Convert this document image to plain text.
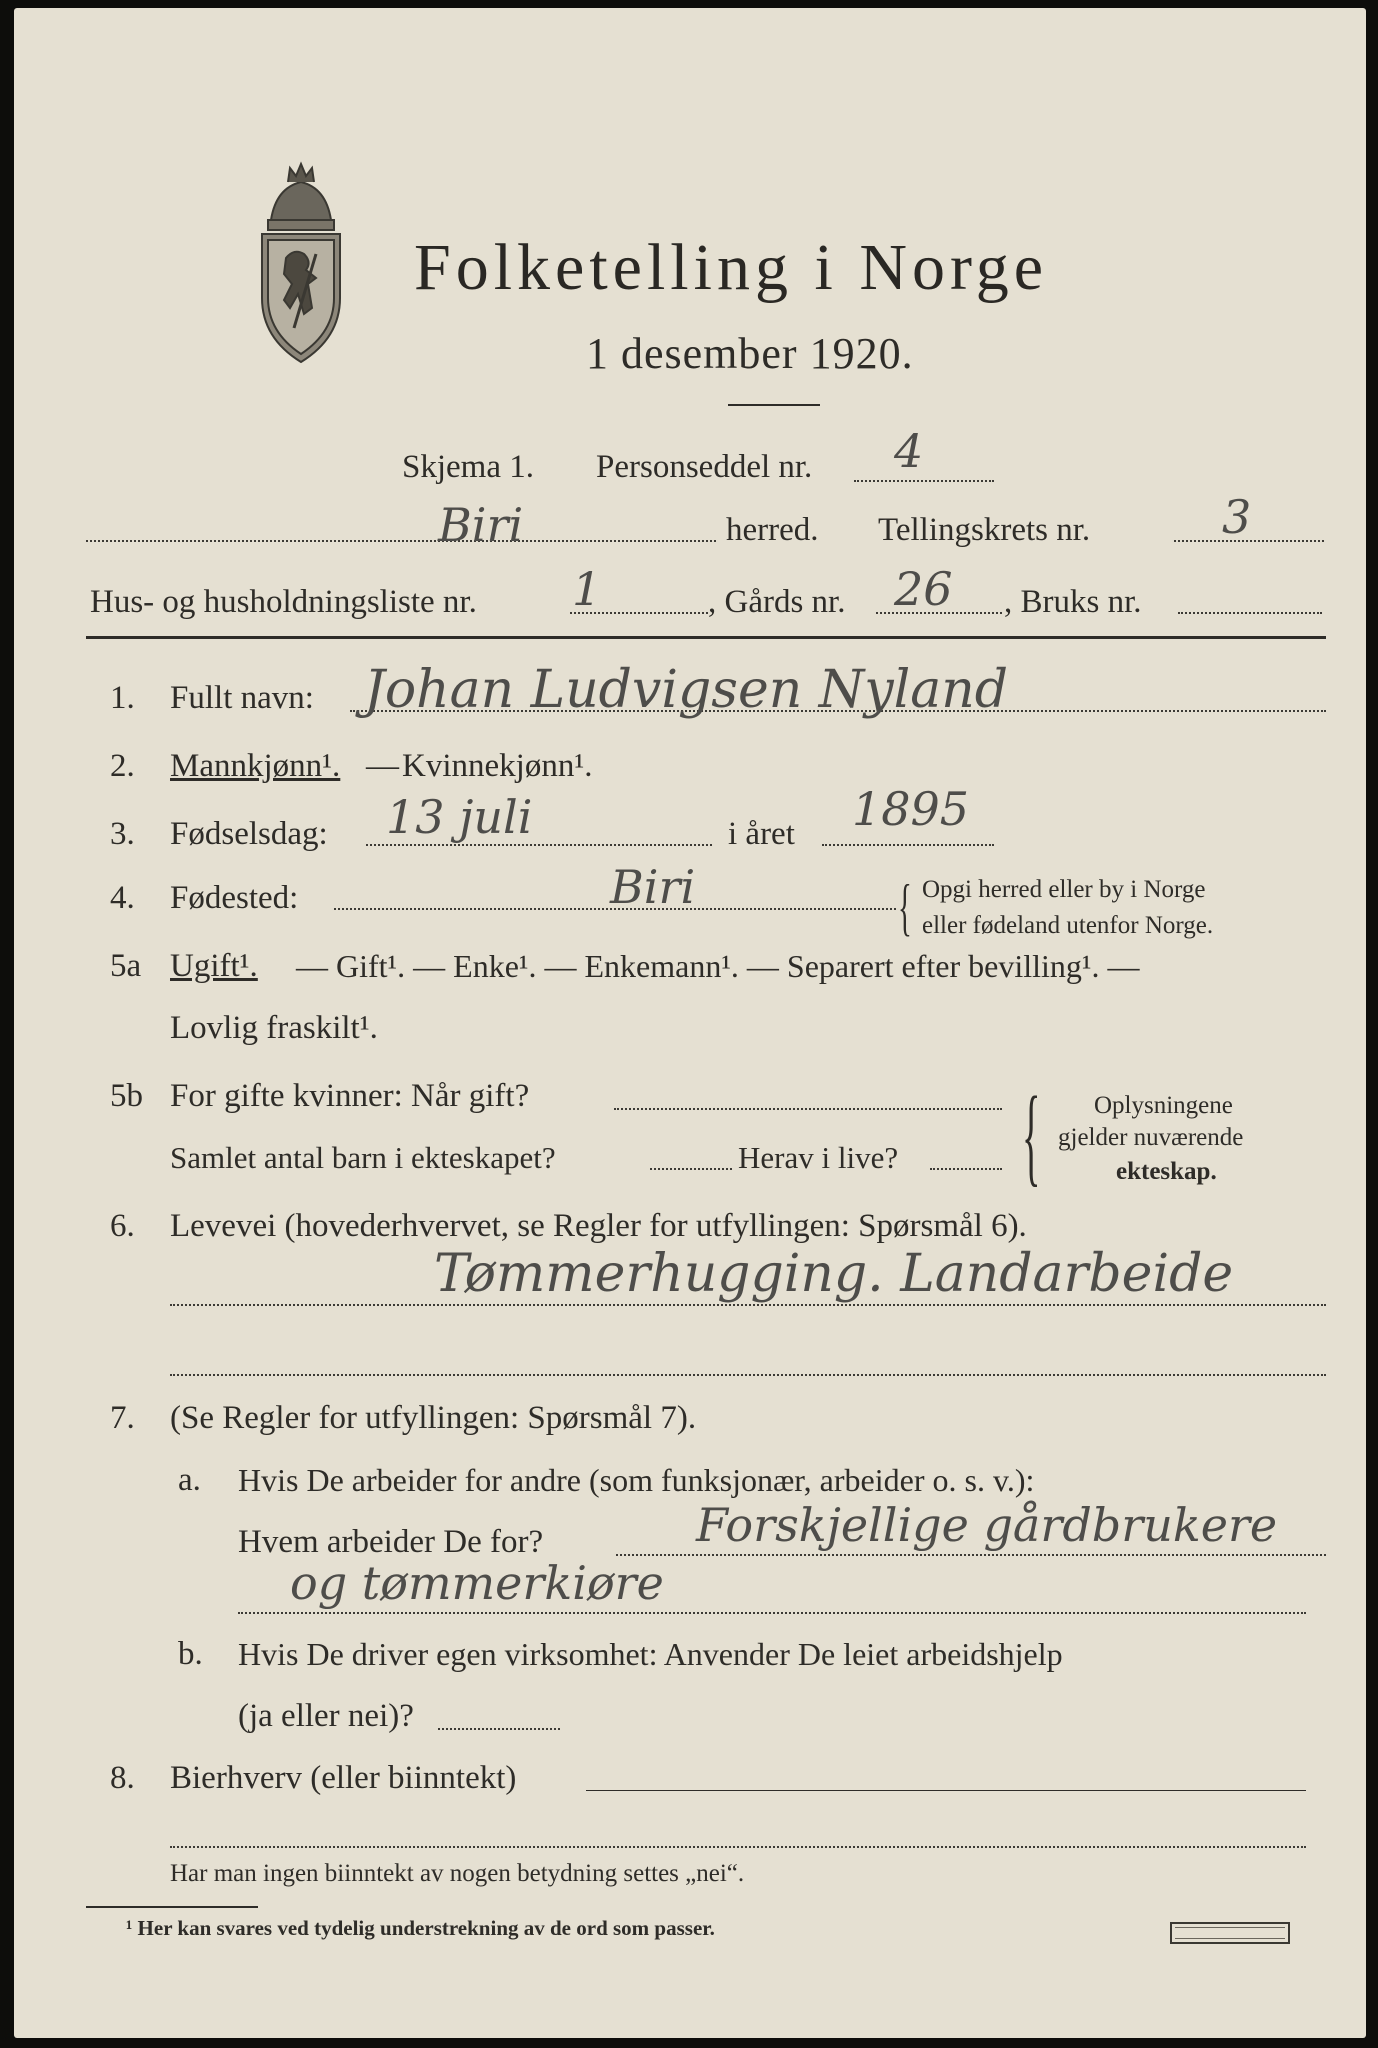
Folketelling i Norge
1 desember 1920.
Skjema 1. Personseddel nr. 4
Biri	herred. Tellingskrets nr.	3
Hus- og husholdningsliste nr. 1	, Gårds nr. 26 , Bruks nr.
1. Fullt navn: Johan Ludvigsen Nyland
2. Mannkjønn¹. — Kvinnekjønn¹.
3. Fødselsdag: 13 juli	i året 1895
4. Fødested:	Biri	{ Opgi herred eller by i Norge
eller fødeland utenfor Norge.
5a Ugift¹. — Gift¹. — Enke¹. — Enkemann¹. — Separert efter bevilling¹. —
Lovlig fraskilt¹.
5b For gifte kvinner: Når gift?
Samlet antal barn i ekteskapet?	Herav i live? { Oplysningene
gjelder nuværende
ekteskap.
6. Levevei (hovederhvervet, se Regler for utfyllingen: Spørsmål 6).
Tømmerhugging. Landarbeide
7. (Se Regler for utfyllingen: Spørsmål 7).
a. Hvis De arbeider for andre (som funksjonær, arbeider o. s. v.):
Hvem arbeider De for?	Forskjellige gårdbrukere
og tømmerkiøre
b. Hvis De driver egen virksomhet: Anvender De leiet arbeidshjelp
(ja eller nei)?
8. Bierhverv (eller biinntekt)
Har man ingen biinntekt av nogen betydning settes „nei“.
¹ Her kan svares ved tydelig understrekning av de ord som passer.
